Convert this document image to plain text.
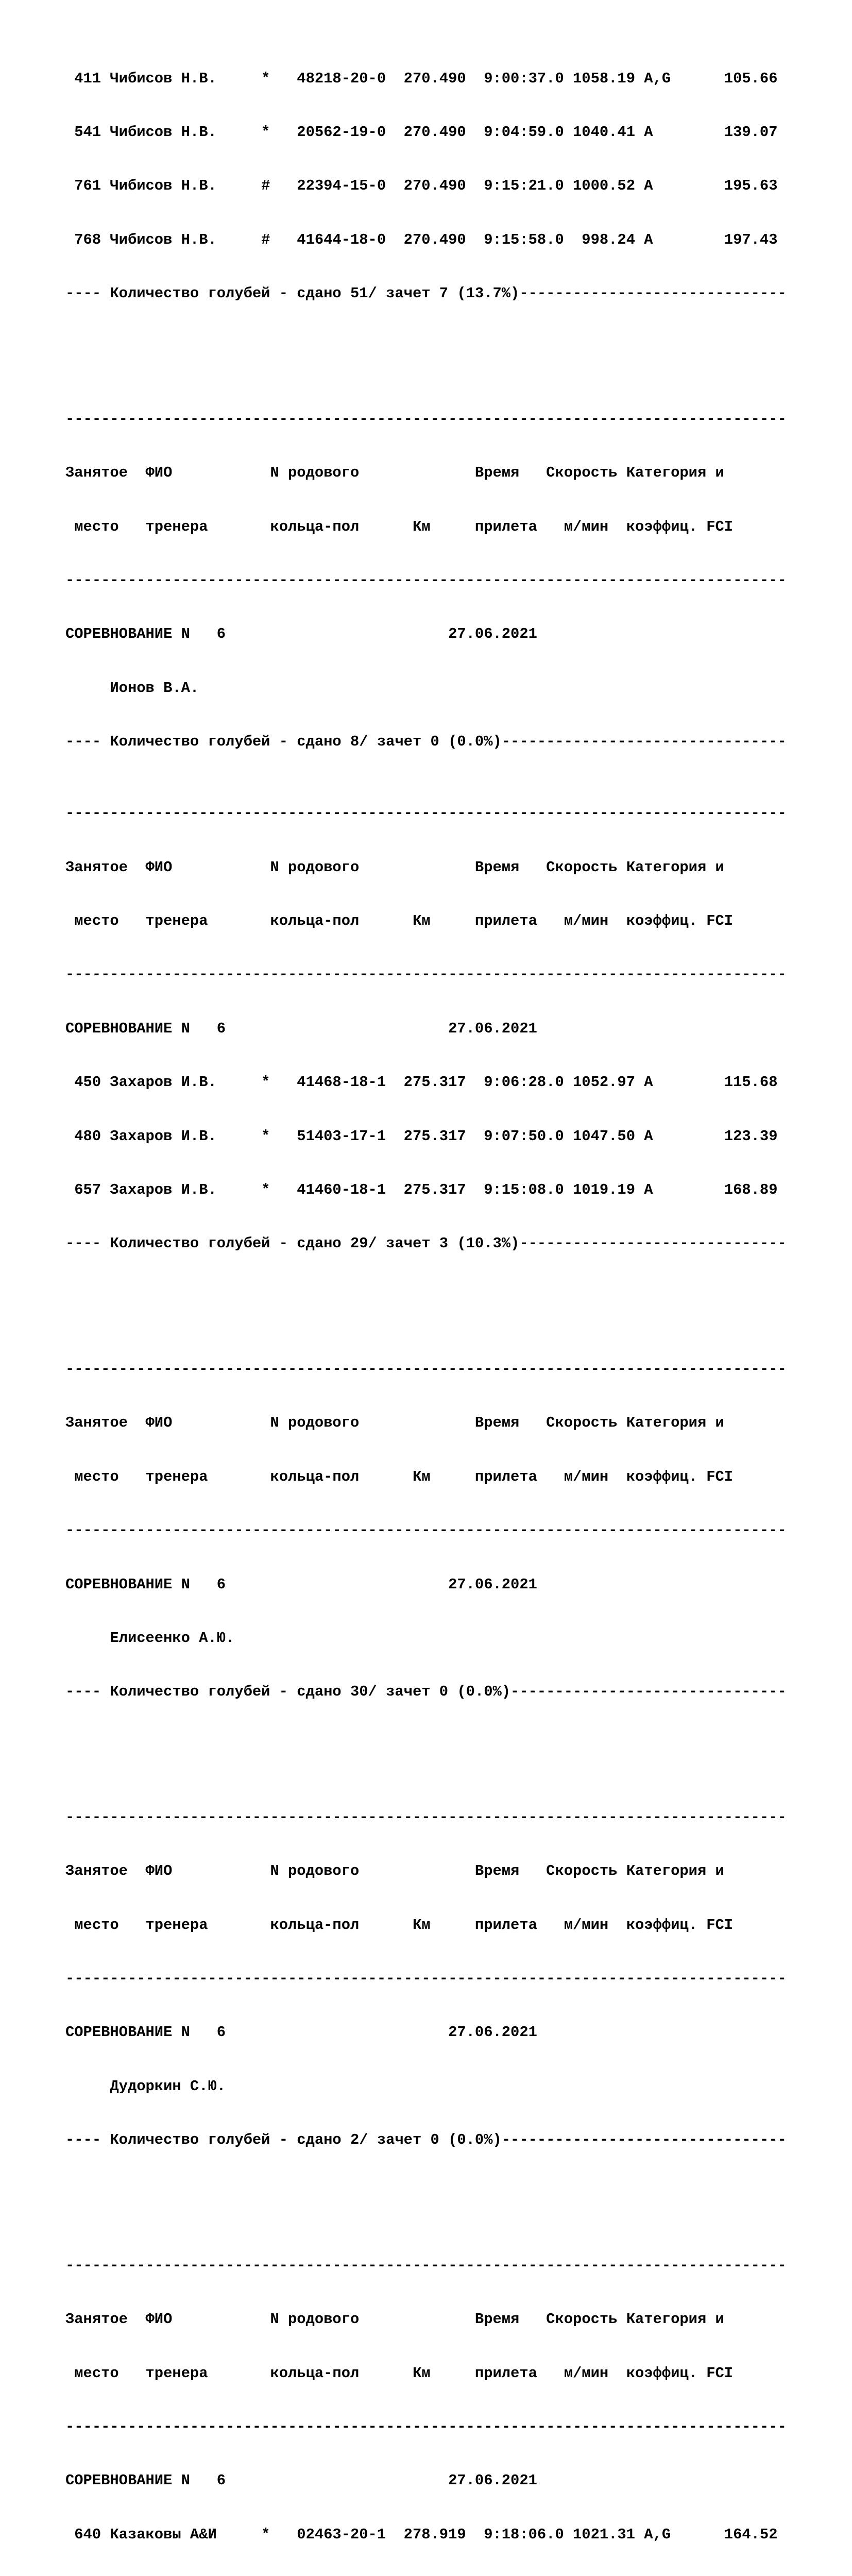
411 Чибисов Н.В.     *   48218-20-0  270.490  9:00:37.0 1058.19 A,G      105.66

541 Чибисов Н.В.     *   20562-19-0  270.490  9:04:59.0 1040.41 A        139.07

761 Чибисов Н.В.     #   22394-15-0  270.490  9:15:21.0 1000.52 A        195.63

768 Чибисов Н.В.     #   41644-18-0  270.490  9:15:58.0  998.24 A        197.43

---- Количество голубей - сдано 51/ зачет 7 (13.7%)------------------------------

---------------------------------------------------------------------------------

Занятое  ФИО           N родового             Время   Скорость Категория и

место   тренера       кольца-пол      Км     прилета   м/мин  коэффиц. FCI

---------------------------------------------------------------------------------

СОРЕВНОВАНИЕ N   6                         27.06.2021

Ионов В.А.

---- Количество голубей - сдано 8/ зачет 0 (0.0%)--------------------------------

---------------------------------------------------------------------------------

Занятое  ФИО           N родового             Время   Скорость Категория и

место   тренера       кольца-пол      Км     прилета   м/мин  коэффиц. FCI

---------------------------------------------------------------------------------

СОРЕВНОВАНИЕ N   6                         27.06.2021

450 Захаров И.В.     *   41468-18-1  275.317  9:06:28.0 1052.97 A        115.68

480 Захаров И.В.     *   51403-17-1  275.317  9:07:50.0 1047.50 A        123.39

657 Захаров И.В.     *   41460-18-1  275.317  9:15:08.0 1019.19 A        168.89

---- Количество голубей - сдано 29/ зачет 3 (10.3%)------------------------------

---------------------------------------------------------------------------------

Занятое  ФИО           N родового             Время   Скорость Категория и

место   тренера       кольца-пол      Км     прилета   м/мин  коэффиц. FCI

---------------------------------------------------------------------------------

СОРЕВНОВАНИЕ N   6                         27.06.2021

Елисеенко А.Ю.

---- Количество голубей - сдано 30/ зачет 0 (0.0%)-------------------------------

---------------------------------------------------------------------------------

Занятое  ФИО           N родового             Время   Скорость Категория и

место   тренера       кольца-пол      Км     прилета   м/мин  коэффиц. FCI

---------------------------------------------------------------------------------

СОРЕВНОВАНИЕ N   6                         27.06.2021

Дудоркин С.Ю.

---- Количество голубей - сдано 2/ зачет 0 (0.0%)--------------------------------

---------------------------------------------------------------------------------

Занятое  ФИО           N родового             Время   Скорость Категория и

место   тренера       кольца-пол      Км     прилета   м/мин  коэффиц. FCI

---------------------------------------------------------------------------------

СОРЕВНОВАНИЕ N   6                         27.06.2021

640 Казаковы А&И     *   02463-20-1  278.919  9:18:06.0 1021.31 A,G      164.52
